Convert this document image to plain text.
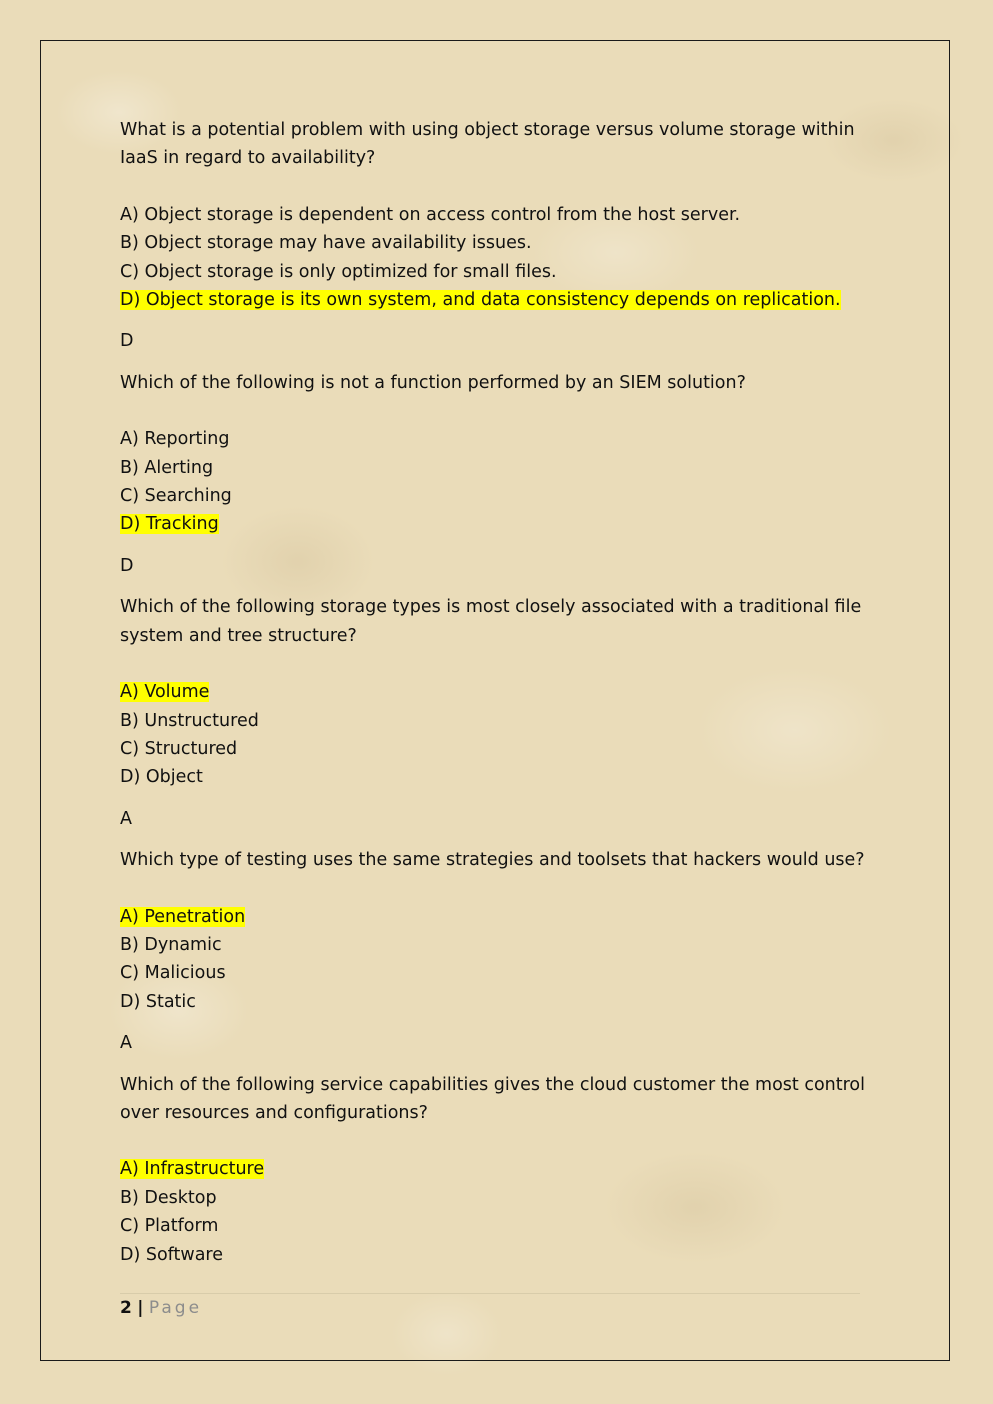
What is a potential problem with using object storage versus volume storage within IaaS in regard to availability?

A) Object storage is dependent on access control from the host server.
B) Object storage may have availability issues.
C) Object storage is only optimized for small files.
D) Object storage is its own system, and data consistency depends on replication.

D

Which of the following is not a function performed by an SIEM solution?

A) Reporting
B) Alerting
C) Searching
D) Tracking

D

Which of the following storage types is most closely associated with a traditional file system and tree structure?

A) Volume
B) Unstructured
C) Structured
D) Object

A

Which type of testing uses the same strategies and toolsets that hackers would use?

A) Penetration
B) Dynamic
C) Malicious
D) Static

A

Which of the following service capabilities gives the cloud customer the most control over resources and configurations?

A) Infrastructure
B) Desktop
C) Platform
D) Software
2 | Page
